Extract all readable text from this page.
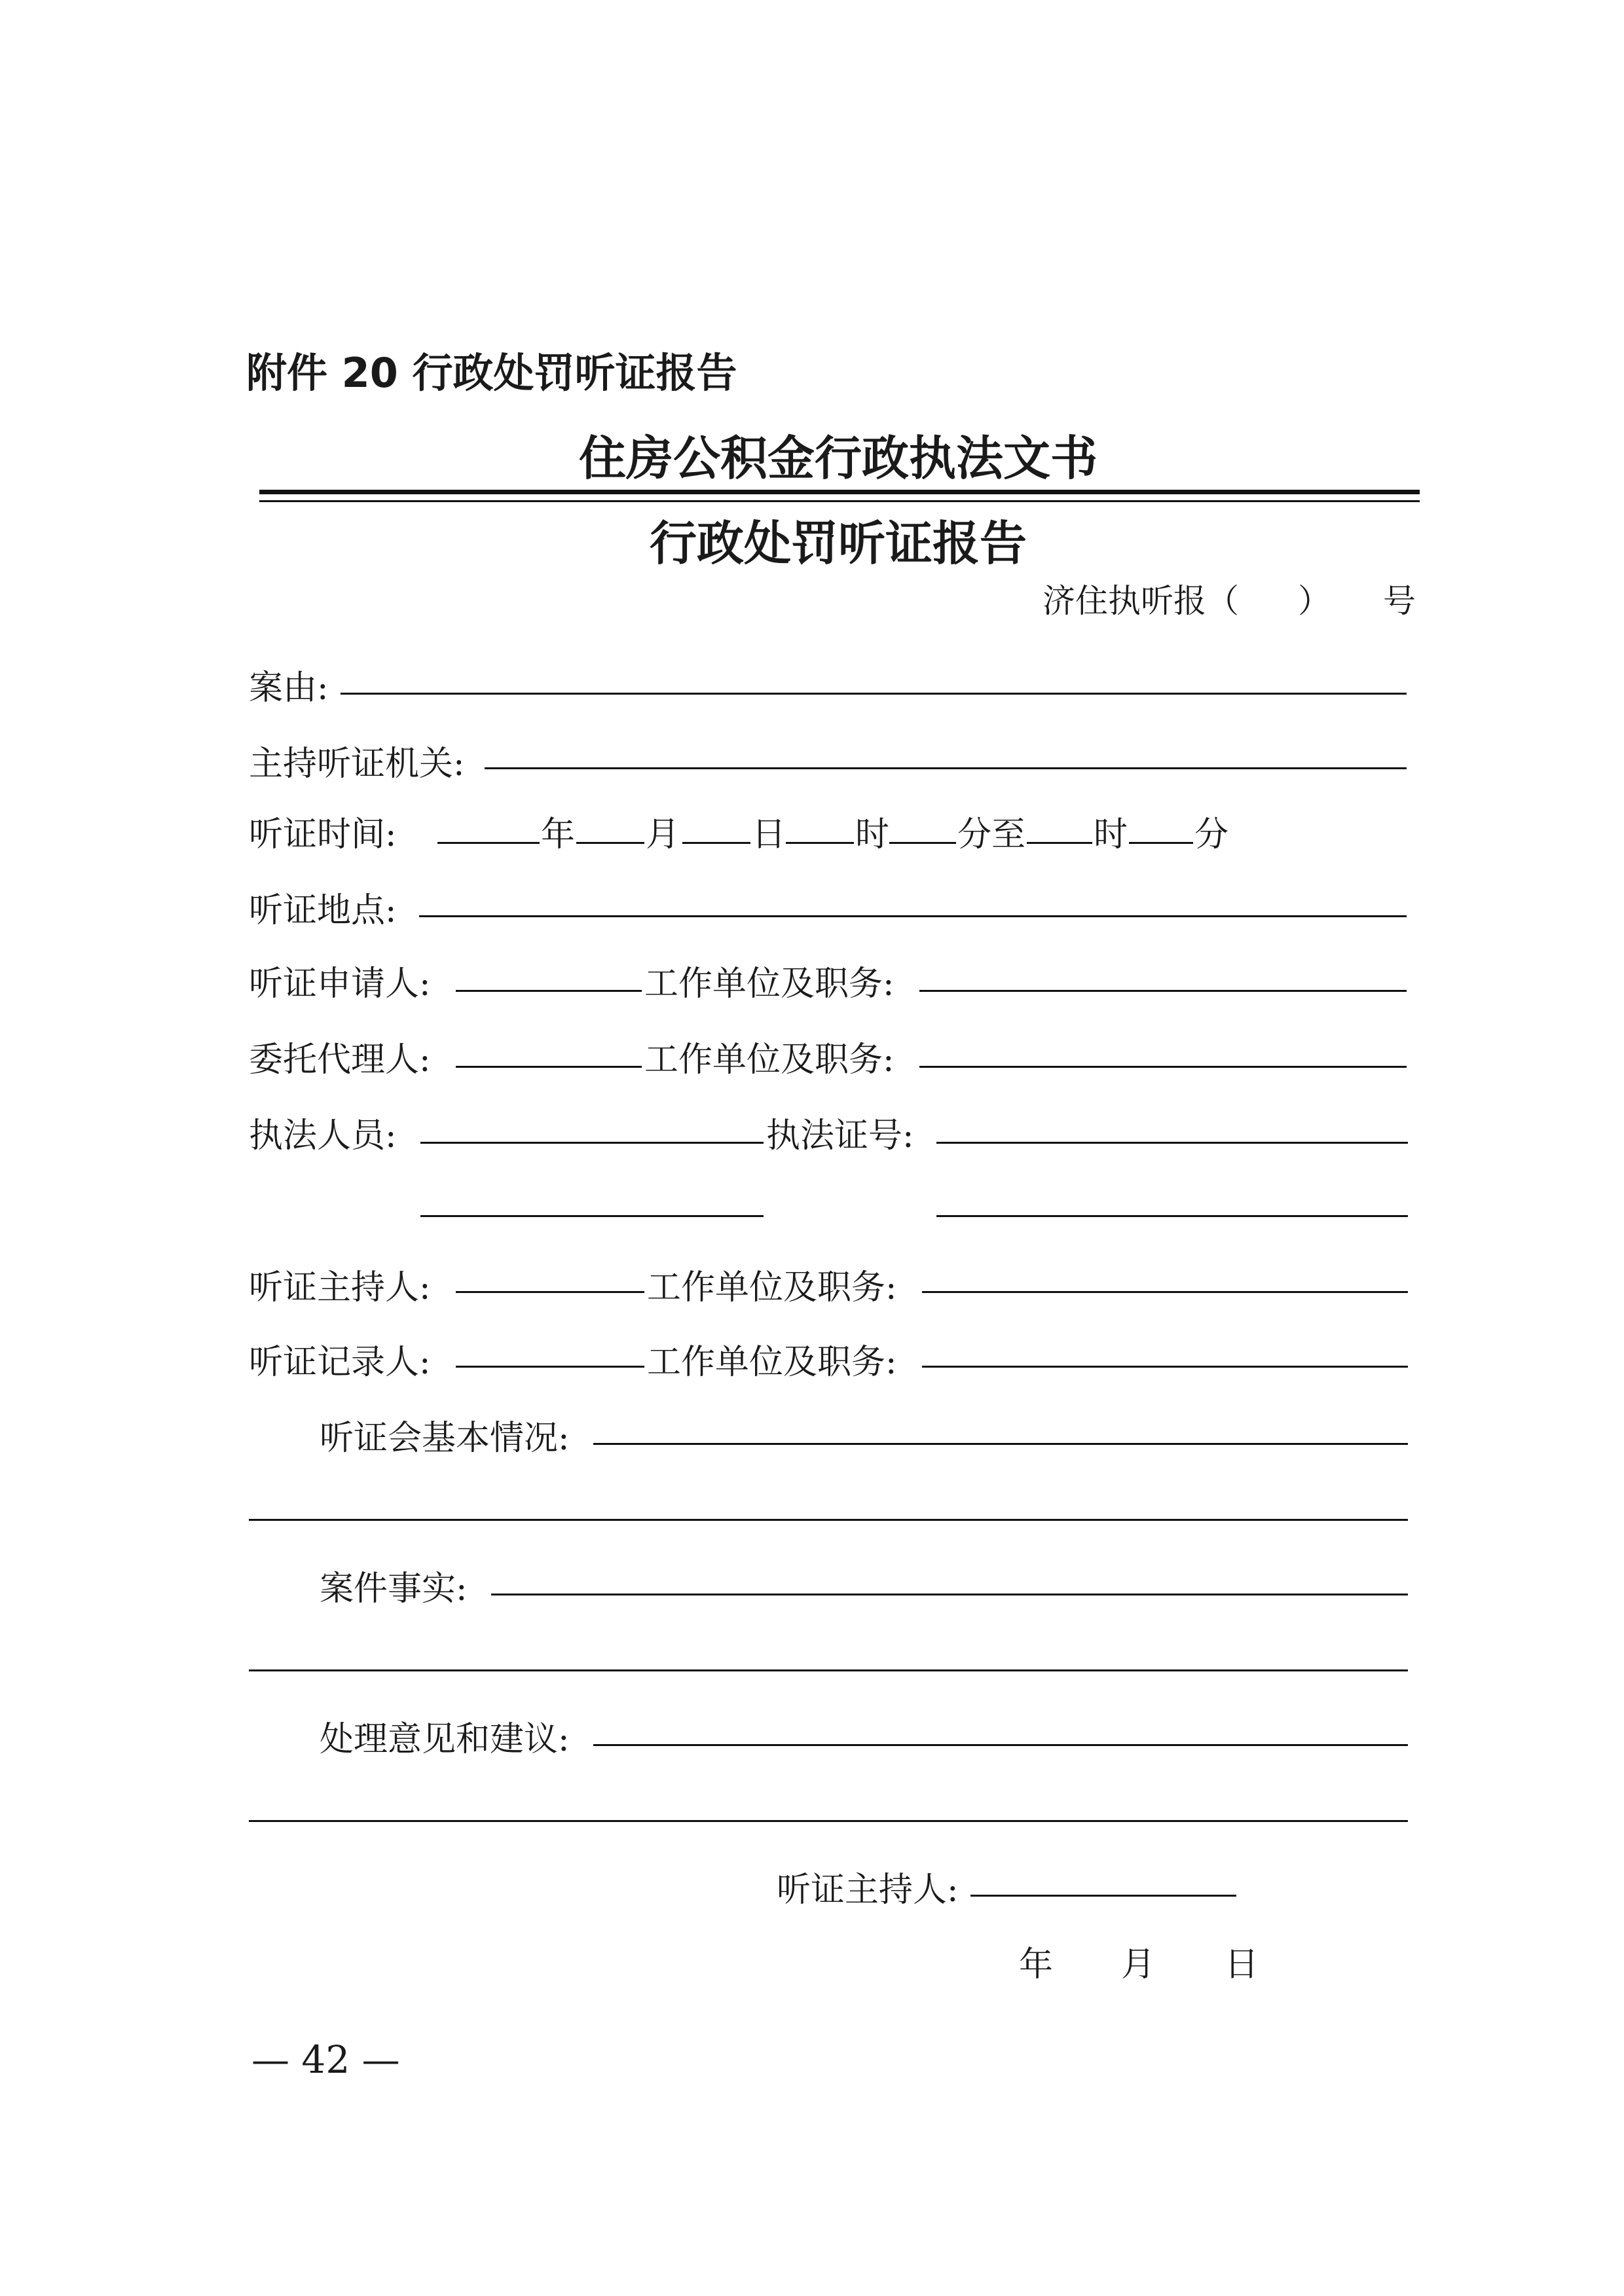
附件 20 行政处罚听证报告
住房公积金行政执法文书
行政处罚听证报告
济住执听报（ ） 号
案由:
主持听证机关:
听证时间:	年 月 日 时 分至 时 分
听证地点:
听证申请人:	工作单位及职务:
委托代理人:	工作单位及职务:
执法人员:	执法证号:
听证主持人:	工作单位及职务:
听证记录人:	工作单位及职务:
听证会基本情况:
案件事实:
处理意见和建议:
听证主持人:
年 月 日
— 42 —
